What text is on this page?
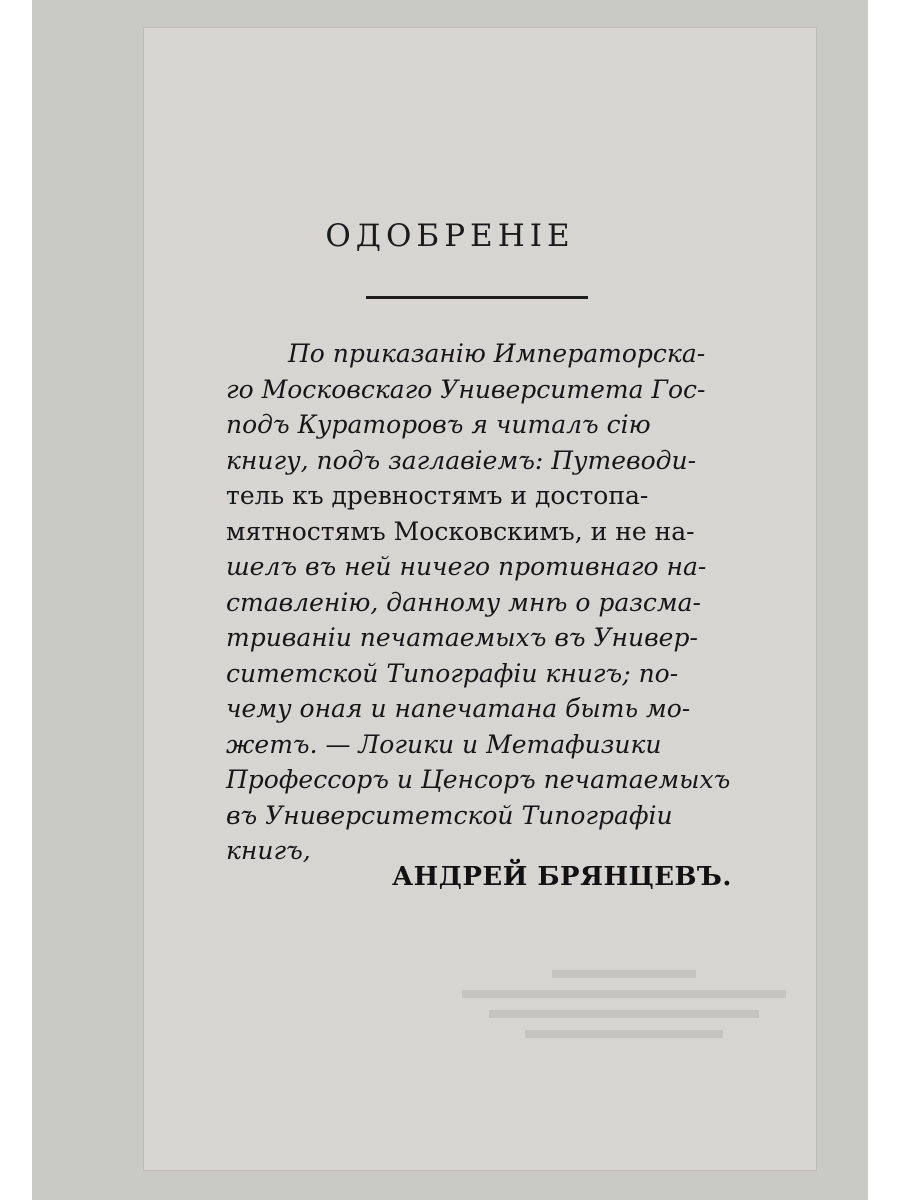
ОДОБРЕНІЕ
По приказанію Императорска-
го Московскаго Университета Гос-
подъ Кураторовъ я читалъ сію
книгу, подъ заглавіемъ: Путеводи-
тель къ древностямъ и достопа-
мятностямъ Московскимъ, и не на-
шелъ въ ней ничего противнаго на-
ставленію, данному мнѣ о разсма-
триваніи печатаемыхъ въ Универ-
ситетской Типографіи книгъ; по-
чему оная и напечатана быть мо-
жетъ. — Логики и Метафизики
Профессоръ и Ценсоръ печатаемыхъ
въ Университетской Типографіи
книгъ,
АНДРЕЙ БРЯНЦЕВЪ.
